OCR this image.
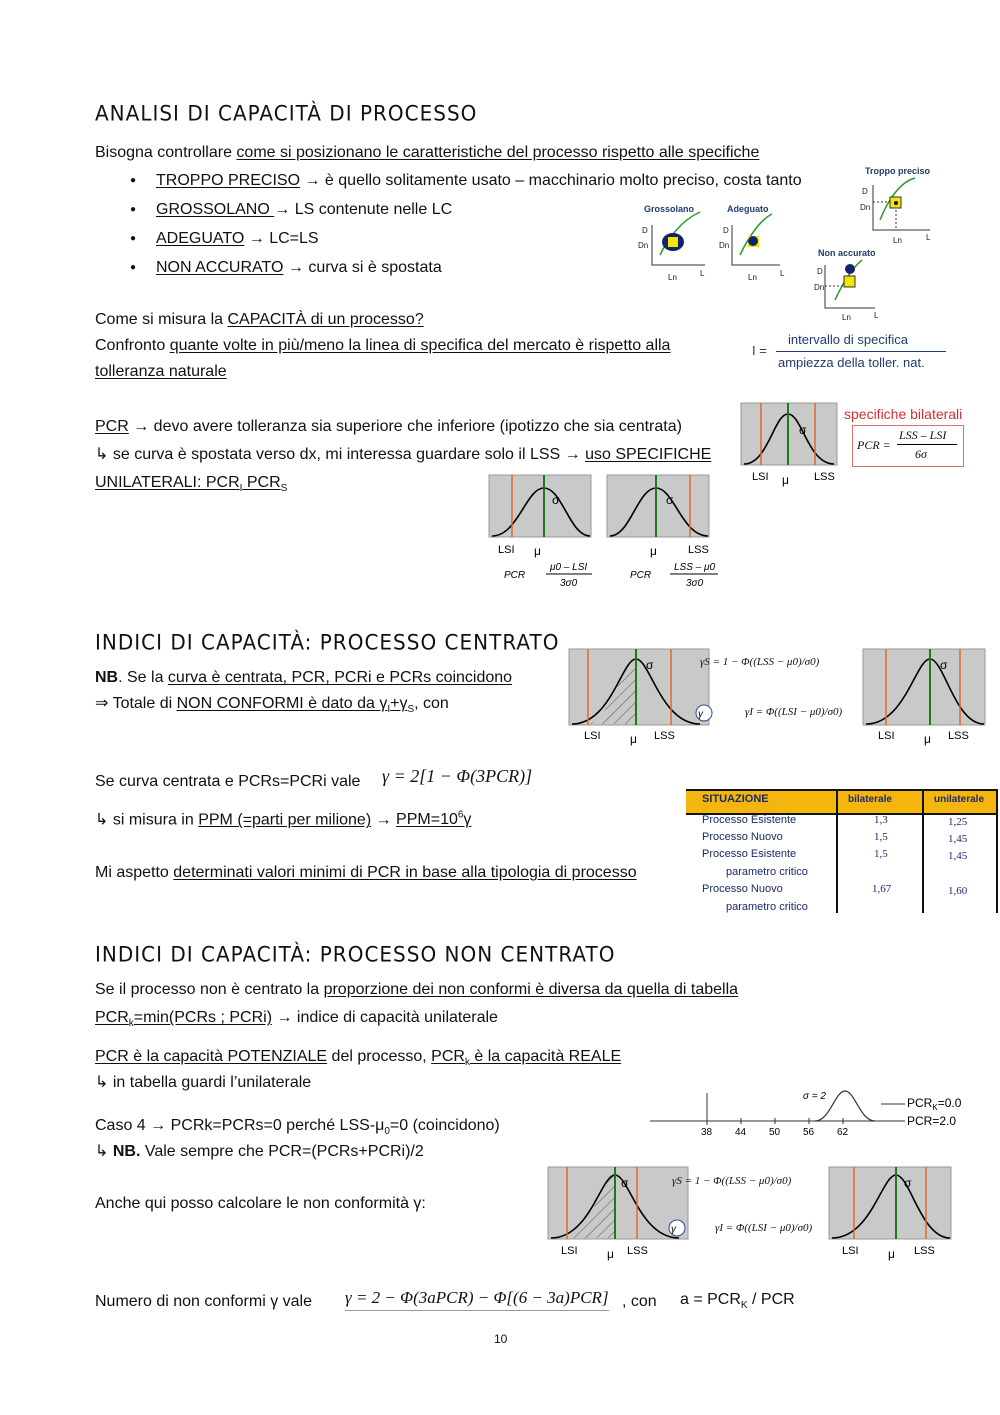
ANALISI DI CAPACITÀ DI PROCESSO
Bisogna controllare come si posizionano le caratteristiche del processo rispetto alle specifiche
● TROPPO PRECISO → è quello solitamente usato – macchinario molto preciso, costa tanto
● GROSSOLANO → LS contenute nelle LC
● ADEGUATO → LC=LS
● NON ACCURATO → curva si è spostata
Troppo preciso
Grossolano	Adeguato
Non accurato
D
Dn
Ln	L
D
Dn
Ln	L
D
Dn
Ln	L	D
Dn
Ln	L
Come si misura la CAPACITÀ di un processo?
Confronto quante volte in più/meno la linea di specifica del mercato è rispetto alla
tolleranza naturale
I =
intervallo di specifica
ampiezza della toller. nat.
PCR → devo avere tolleranza sia superiore che inferiore (ipotizzo che sia centrata)
↳ se curva è spostata verso dx, mi interessa guardare solo il LSS → uso SPECIFICHE
UNILATERALI: $PCR_I$ $PCR_S$
σ
LSI μ LSS
specifiche bilaterali
PCR =
LSS – LSI
6σ
σ
LSI μ
PCR
μ0 – LSI
3σ0
σ
μ	LSS
PCR
LSS – μ0
3σ0
INDICI DI CAPACITÀ: PROCESSO CENTRATO
NB. Se la curva è centrata, PCR, PCRi e PCRs coincidono
⇒ Totale di NON CONFORMI è dato da $\gamma_I+\gamma_S$, con
σ
γ
LSI μ LSS
γS = 1 − Φ((LSS − μ0)/σ0)
γI = Φ((LSI − μ0)/σ0)
σ
LSI μ LSS
Se curva centrata e PCRs=PCRi vale γ = 2[1 − Φ(3PCR)]
↳ si misura in PPM (=parti per milione) → $PPM=10^6\gamma$
Mi aspetto determinati valori minimi di PCR in base alla tipologia di processo
SITUAZIONE	bilaterale	unilaterale
Processo Esistente	1,3	1,25
Processo Nuovo	1,5	1,45
Processo Esistente	1,5	1,45
parametro critico
Processo Nuovo	1,67	1,60
parametro critico
INDICI DI CAPACITÀ: PROCESSO NON CENTRATO
Se il processo non è centrato la proporzione dei non conformi è diversa da quella di tabella
$PCR_k=\min(PCRs$ ; PCRi) → indice di capacità unilaterale
PCR è la capacità POTENZIALE del processo, $PCR_k$ è la capacità REALE
↳ in tabella guardi l’unilaterale
Caso 4 → PCRk=PCRs=0 perché LSS-$\mu_0=0$ (coincidono)
↳ NB. Vale sempre che PCR=(PCRs+PCRi)/2
38 44 50 56 62
σ = 2	$PCR_K=0.0$
PCR=2.0
Anche qui posso calcolare le non conformità γ:
σ
γ
LSI μ LSS
γS = 1 − Φ((LSS − μ0)/σ0)
γI = Φ((LSI − μ0)/σ0)
σ
LSI μ LSS
Numero di non conformi γ vale γ = 2 − Φ(3aPCR) − Φ[(6 − 3a)PCR] , con $a = PCR_K$ / PCR
10
